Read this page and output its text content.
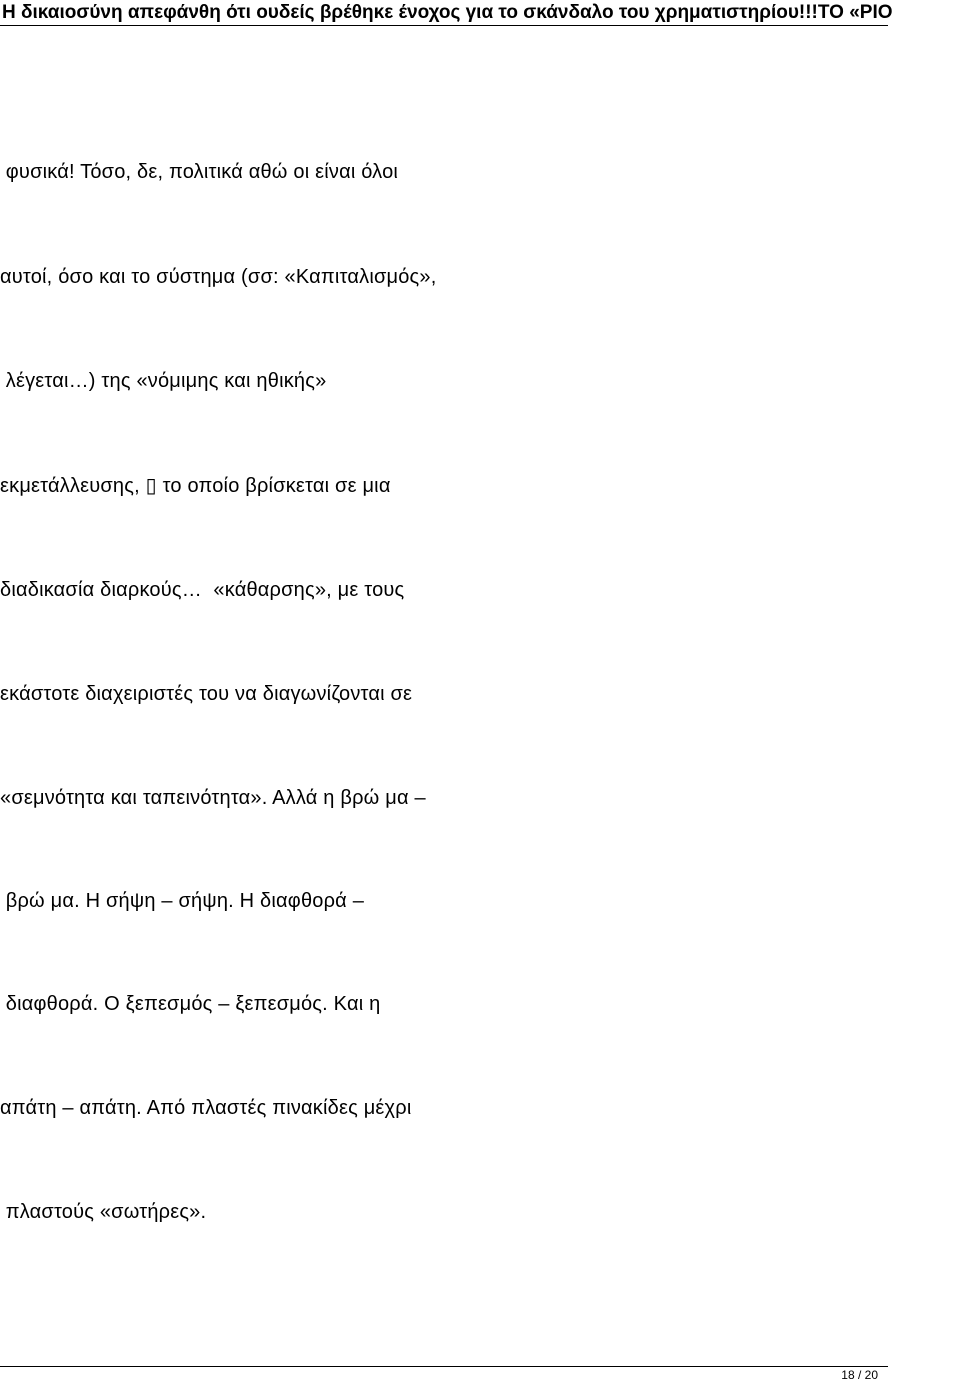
Η δικαιοσύνη απεφάνθη ότι ουδείς βρέθηκε ένοχος για το σκάνδαλο του χρηματιστηρίου!!!ΤΟ «ΡΙΟ
φυσικά! Τόσο, δε, πολιτικά αθώ οι είναι όλοι
αυτοί, όσο και το σύστημα (σσ: «Καπιταλισμός»,
λέγεται…) της «νόμιμης και ηθικής»
εκμετάλλευσης, ▯ το οποίο βρίσκεται σε μια
διαδικασία διαρκούς…  «κάθαρσης», με τους
εκάστοτε διαχειριστές του να διαγωνίζονται σε
«σεμνότητα και ταπεινότητα». Αλλά η βρώ μα –
βρώ μα. Η σήψη – σήψη. Η διαφθορά –
διαφθορά. Ο ξεπεσμός – ξεπεσμός. Και η
απάτη – απάτη. Από πλαστές πινακίδες μέχρι
πλαστούς «σωτήρες».
18 / 20
